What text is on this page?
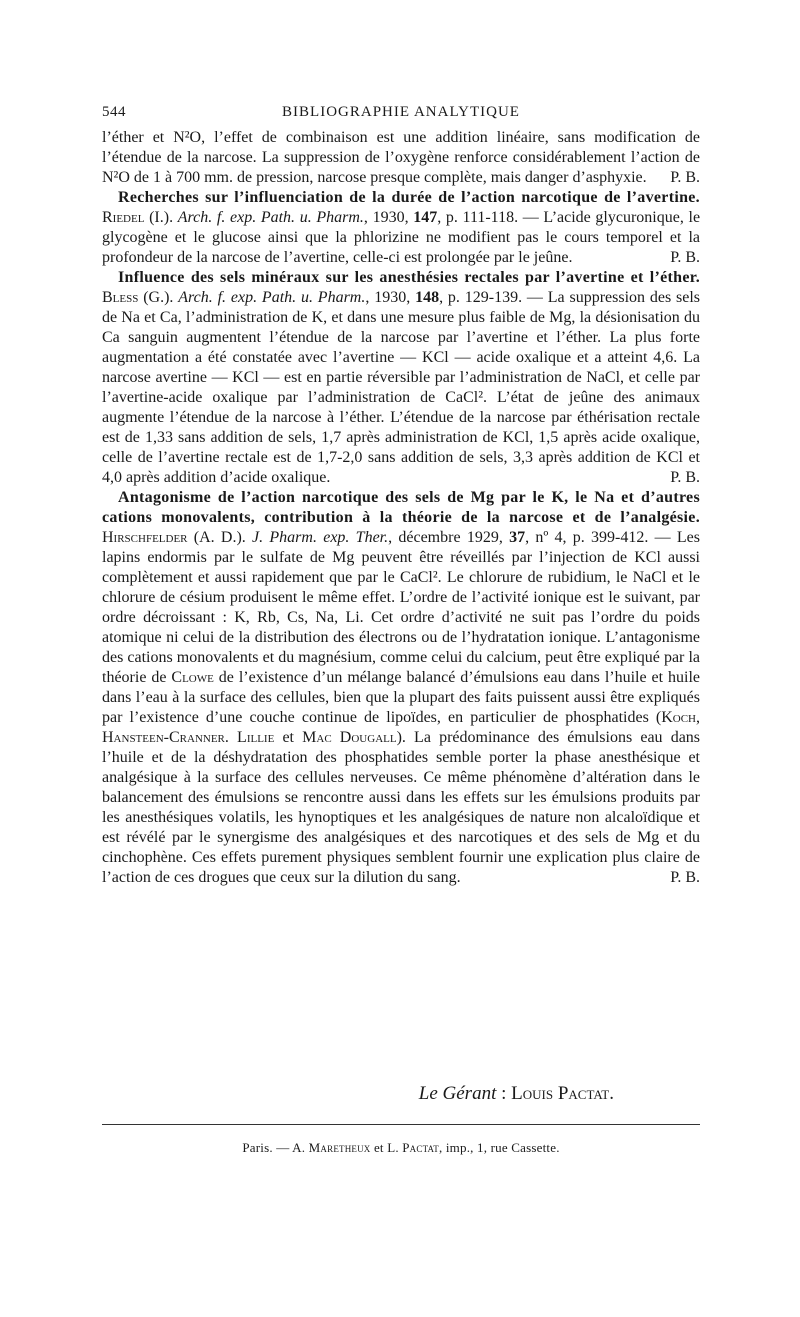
544	BIBLIOGRAPHIE ANALYTIQUE

l’éther et N²O, l’effet de combinaison est une addition linéaire, sans modification de l’étendue de la narcose. La suppression de l’oxygène renforce considérablement l’action de N²O de 1 à 700 mm. de pression, narcose presque complète, mais danger d’asphyxie.	P. B.

Recherches sur l’influenciation de la durée de l’action narcotique de l’avertine. Riedel (I.). Arch. f. exp. Path. u. Pharm., 1930, 147, p. 111-118. — L’acide glycuronique, le glycogène et le glucose ainsi que la phlorizine ne modifient pas le cours temporel et la profondeur de la narcose de l’avertine, celle-ci est prolongée par le jeûne.	P. B.

Influence des sels minéraux sur les anesthésies rectales par l’avertine et l’éther. Bless (G.). Arch. f. exp. Path. u. Pharm., 1930, 148, p. 129-139. — La suppression des sels de Na et Ca, l’administration de K, et dans une mesure plus faible de Mg, la désionisation du Ca sanguin augmentent l’étendue de la narcose par l’avertine et l’éther. La plus forte augmentation a été constatée avec l’avertine — KCl — acide oxalique et a atteint 4,6. La narcose avertine — KCl — est en partie réversible par l’administration de NaCl, et celle par l’avertine-acide oxalique par l’administration de CaCl². L’état de jeûne des animaux augmente l’étendue de la narcose à l’éther. L’étendue de la narcose par éthérisation rectale est de 1,33 sans addition de sels, 1,7 après administration de KCl, 1,5 après acide oxalique, celle de l’avertine rectale est de 1,7-2,0 sans addition de sels, 3,3 après addition de KCl et 4,0 après addition d’acide oxalique.	P. B.

Antagonisme de l’action narcotique des sels de Mg par le K, le Na et d’autres cations monovalents, contribution à la théorie de la narcose et de l’analgésie. Hirschfelder (A. D.). J. Pharm. exp. Ther., décembre 1929, 37, nº 4, p. 399-412. — Les lapins endormis par le sulfate de Mg peuvent être réveillés par l’injection de KCl aussi complètement et aussi rapidement que par le CaCl². Le chlorure de rubidium, le NaCl et le chlorure de césium produisent le même effet. L’ordre de l’activité ionique est le suivant, par ordre décroissant : K, Rb, Cs, Na, Li. Cet ordre d’activité ne suit pas l’ordre du poids atomique ni celui de la distribution des électrons ou de l’hydratation ionique. L’antagonisme des cations monovalents et du magnésium, comme celui du calcium, peut être expliqué par la théorie de Clowe de l’existence d’un mélange balancé d’émulsions eau dans l’huile et huile dans l’eau à la surface des cellules, bien que la plupart des faits puissent aussi être expliqués par l’existence d’une couche continue de lipoïdes, en particulier de phosphatides (Koch, Hansteen-Cranner. Lillie et Mac Dougall). La prédominance des émulsions eau dans l’huile et de la déshydratation des phosphatides semble porter la phase anesthésique et analgésique à la surface des cellules nerveuses. Ce même phénomène d’altération dans le balancement des émulsions se rencontre aussi dans les effets sur les émulsions produits par les anesthésiques volatils, les hynoptiques et les analgésiques de nature non alcaloïdique et est révélé par le synergisme des analgésiques et des narcotiques et des sels de Mg et du cinchophène. Ces effets purement physiques semblent fournir une explication plus claire de l’action de ces drogues que ceux sur la dilution du sang.	P. B.

Le Gérant : Louis Pactat.
Paris. — A. Maretheux et L. Pactat, imp., 1, rue Cassette.
